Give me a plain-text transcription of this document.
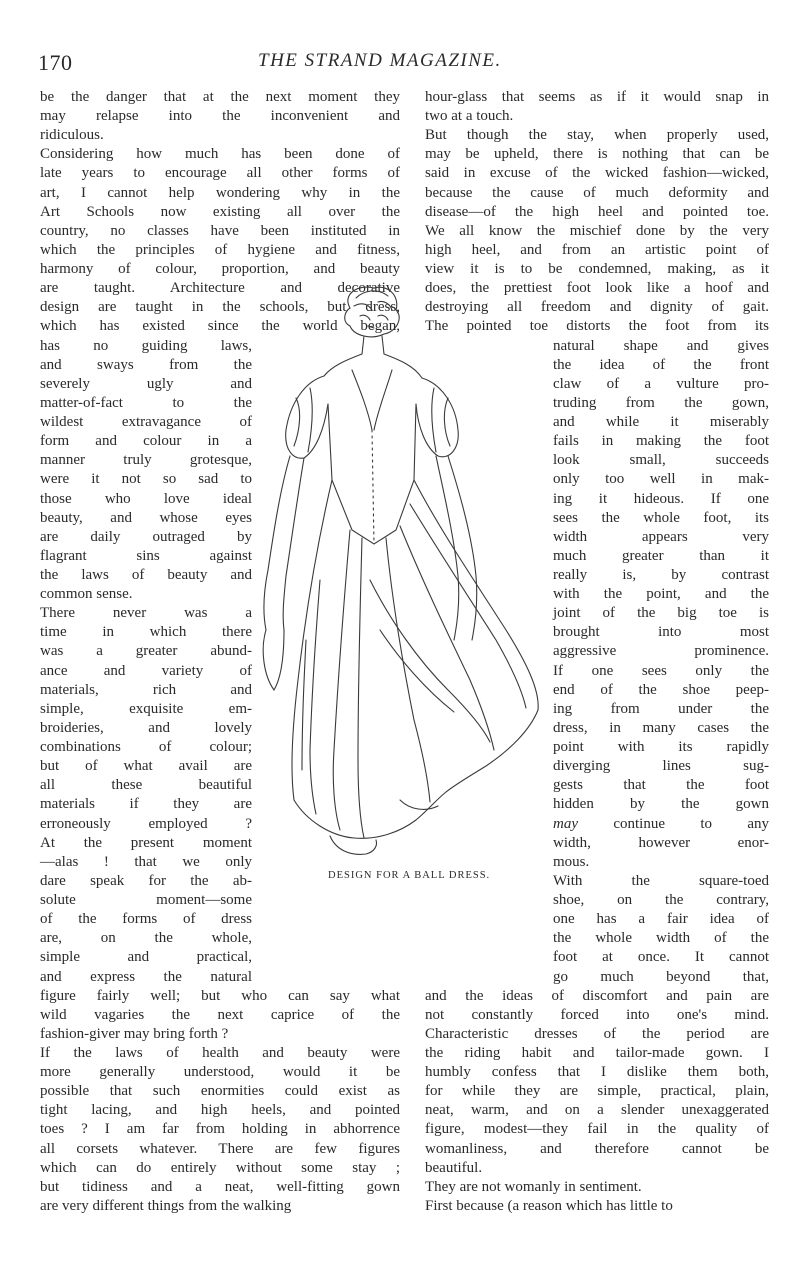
170	THE STRAND MAGAZINE.
be the danger that at the next moment they
may relapse into the inconvenient and
ridiculous.
Considering how much has been done of
late years to encourage all other forms of
art, I cannot help wondering why in the
Art Schools now existing all over the
country, no classes have been instituted in
which the principles of hygiene and fitness,
harmony of colour, proportion, and beauty
are taught. Architecture and decorative
design are taught in the schools, but dress,
which has existed since the world began,
has no guiding laws,
and sways from the
severely ugly and
matter-of-fact to the
wildest extravagance of
form and colour in a
manner truly grotesque,
were it not so sad to
those who love ideal
beauty, and whose eyes
are daily outraged by
flagrant sins against
the laws of beauty and
common sense.
There never was a
time in which there
was a greater abund-
ance and variety of
materials, rich and
simple, exquisite em-
broideries, and lovely
combinations of colour;
but of what avail are
all these beautiful
materials if they are
erroneously employed ?
At the present moment
—alas ! that we only
dare speak for the ab-
solute moment—some
of the forms of dress
are, on the whole,
simple and practical,
and express the natural
figure fairly well; but who can say what
wild vagaries the next caprice of the
fashion-giver may bring forth ?
If the laws of health and beauty were
more generally understood, would it be
possible that such enormities could exist as
tight lacing, and high heels, and pointed
toes ? I am far from holding in abhorrence
all corsets whatever. There are few figures
which can do entirely without some stay ;
but tidiness and a neat, well-fitting gown
are very different things from the walking
hour-glass that seems as if it would snap in
two at a touch.
But though the stay, when properly used,
may be upheld, there is nothing that can be
said in excuse of the wicked fashion—wicked,
because the cause of much deformity and
disease—of the high heel and pointed toe.
We all know the mischief done by the very
high heel, and from an artistic point of
view it is to be condemned, making, as it
does, the prettiest foot look like a hoof and
destroying all freedom and dignity of gait.
The pointed toe distorts the foot from its
natural shape and gives
the idea of the front
claw of a vulture pro-
truding from the gown,
and while it miserably
fails in making the foot
look small, succeeds
only too well in mak-
ing it hideous. If one
sees the whole foot, its
width appears very
much greater than it
really is, by contrast
with the point, and the
joint of the big toe is
brought into most
aggressive prominence.
If one sees only the
end of the shoe peep-
ing from under the
dress, in many cases the
point with its rapidly
diverging lines sug-
gests that the foot
hidden by the gown
may continue to any
width, however enor-
mous.
With the square-toed
shoe, on the contrary,
one has a fair idea of
the whole width of the
foot at once. It cannot
go much beyond that,
and the ideas of discomfort and pain are
not constantly forced into one's mind.
Characteristic dresses of the period are
the riding habit and tailor-made gown. I
humbly confess that I dislike them both,
for while they are simple, practical, plain,
neat, warm, and on a slender unexaggerated
figure, modest—they fail in the quality of
womanliness, and therefore cannot be
beautiful.
They are not womanly in sentiment.
First because (a reason which has little to
DESIGN FOR A BALL DRESS.
